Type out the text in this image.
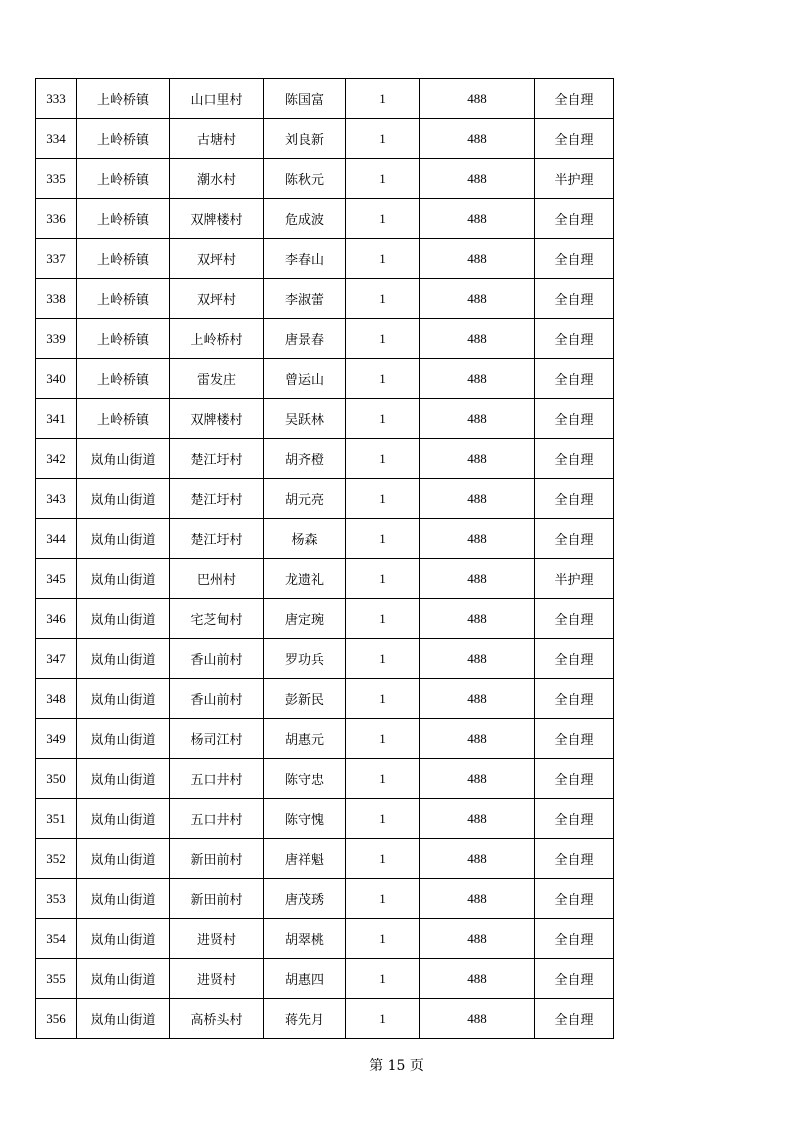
333	上岭桥镇	山口里村	陈国富	1	488	全自理
334	上岭桥镇	古塘村	刘良新	1	488	全自理
335	上岭桥镇	潮水村	陈秋元	1	488	半护理
336	上岭桥镇	双牌楼村	危成波	1	488	全自理
337	上岭桥镇	双坪村	李春山	1	488	全自理
338	上岭桥镇	双坪村	李淑蕾	1	488	全自理
339	上岭桥镇	上岭桥村	唐景春	1	488	全自理
340	上岭桥镇	雷发庄	曾运山	1	488	全自理
341	上岭桥镇	双牌楼村	吴跃林	1	488	全自理
342	岚角山街道	楚江圩村	胡齐橙	1	488	全自理
343	岚角山街道	楚江圩村	胡元亮	1	488	全自理
344	岚角山街道	楚江圩村	杨森	1	488	全自理
345	岚角山街道	巴州村	龙遗礼	1	488	半护理
346	岚角山街道	宅芝甸村	唐定琬	1	488	全自理
347	岚角山街道	香山前村	罗功兵	1	488	全自理
348	岚角山街道	香山前村	彭新民	1	488	全自理
349	岚角山街道	杨司江村	胡惠元	1	488	全自理
350	岚角山街道	五口井村	陈守忠	1	488	全自理
351	岚角山街道	五口井村	陈守愧	1	488	全自理
352	岚角山街道	新田前村	唐祥魁	1	488	全自理
353	岚角山街道	新田前村	唐茂琇	1	488	全自理
354	岚角山街道	进贤村	胡翠桃	1	488	全自理
355	岚角山街道	进贤村	胡惠四	1	488	全自理
356	岚角山街道	高桥头村	蒋先月	1	488	全自理
第 15 页
